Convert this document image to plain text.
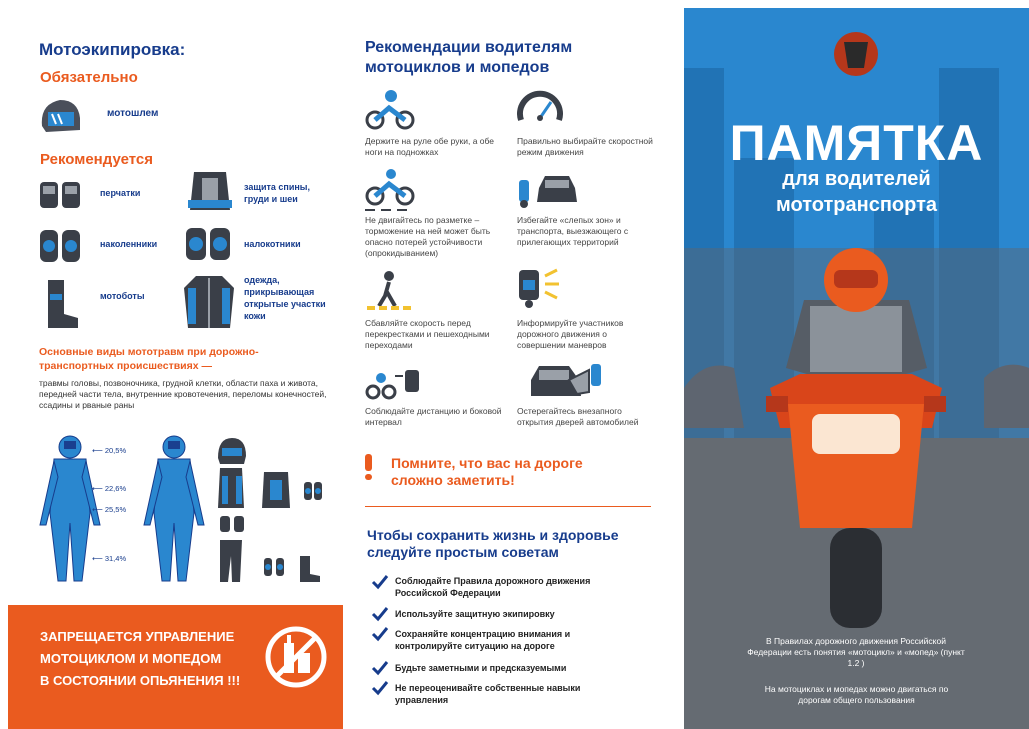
Мотоэкипировка:
Обязательно
мотошлем
Рекомендуется
перчатки
защита спины, груди и шеи
наколенники	налокотники
мотоботы
одежда, прикрывающая открытые участки кожи
Основные виды мототравм при дорожно-транспортных происшествиях —
травмы головы, позвоночника, грудной клетки, области паха и живота, передней части тела, внутренние кровотечения, переломы конечностей, ссадины и рваные раны
⟵ 20,5%
⟵ 22,6%
⟵ 25,5%
⟵ 31,4%
ЗАПРЕЩАЕТСЯ УПРАВЛЕНИЕ
МОТОЦИКЛОМ И МОПЕДОМ
В СОСТОЯНИИ ОПЬЯНЕНИЯ !!!
Рекомендации водителям мотоциклов и мопедов
Держите на руле обе руки, а обе ноги на подножках
Правильно выбирайте скоростной режим движения
Не двигайтесь по разметке – торможение на ней может быть опасно потерей устойчивости (опрокидыванием)
Избегайте «слепых зон» и транспорта, выезжающего с прилегающих территорий
Сбавляйте скорость перед перекрестками и пешеходными переходами
Информируйте участников дорожного движения о совершении маневров
Соблюдайте дистанцию и боковой интервал
Остерегайтесь внезапного открытия дверей автомобилей
Помните, что вас на дороге сложно заметить!
Чтобы сохранить жизнь и здоровье следуйте простым советам
Соблюдайте Правила дорожного движения Российской Федерации
Используйте защитную экипировку
Сохраняйте концентрацию внимания и контролируйте ситуацию на дороге
Будьте заметными и предсказуемыми
Не переоценивайте собственные навыки управления
ПАМЯТКА
для водителей
мототранспорта
В Правилах дорожного движения Российской Федерации есть понятия «мотоцикл» и «мопед» (пункт 1.2 )
На мотоциклах и мопедах можно двигаться по дорогам общего пользования
